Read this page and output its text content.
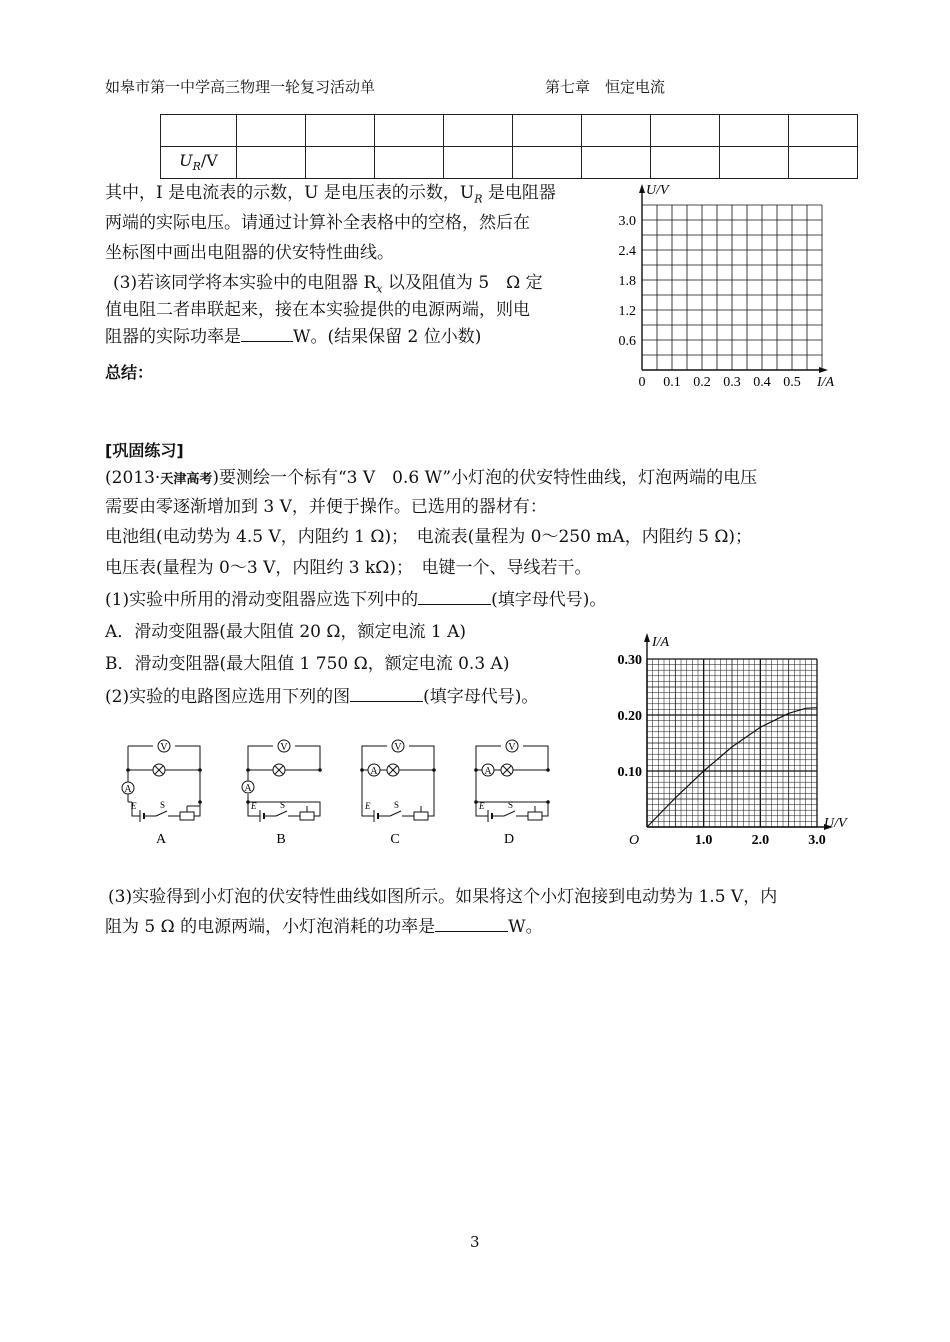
如皋市第一中学高三物理一轮复习活动单	第七章　恒定电流

$U_R/V$									
其中，I 是电流表的示数，U 是电压表的示数，$U_R$ 是电阻器
两端的实际电压。请通过计算补全表格中的空格，然后在
坐标图中画出电阻器的伏安特性曲线。
(3)若该同学将本实验中的电阻器 $R_x$ 以及阻值为 5　Ω 定
值电阻二者串联起来，接在本实验提供的电源两端，则电
阻器的实际功率是	W。(结果保留 2 位小数)
总结：
U/V
I/A
0.6
1.2
1.8
2.4
3.0
0 0.1 0.2 0.3 0.4 0.5
[巩固练习]
(2013·天津高考)要测绘一个标有“3 V　0.6 W”小灯泡的伏安特性曲线，灯泡两端的电压
需要由零逐渐增加到 3 V，并便于操作。已选用的器材有：
电池组(电动势为 4.5 V，内阻约 1 Ω)；　电流表(量程为 0～250 mA，内阻约 5 Ω)；
电压表(量程为 0～3 V，内阻约 3 kΩ)；　电键一个、导线若干。
(1)实验中所用的滑动变阻器应选下列中的	(填字母代号)。
A．滑动变阻器(最大阻值 20 Ω，额定电流 1 A)
B．滑动变阻器(最大阻值 1 750 Ω，额定电流 0.3 A)
(2)实验的电路图应选用下列的图	(填字母代号)。
V
A
E	S
A
V
A
E	S
B
V
A
E	S
C
V
A
E	S
D
I/A
U/V
O
0.10
0.20
0.30
1.0	2.0	3.0
(3)实验得到小灯泡的伏安特性曲线如图所示。如果将这个小灯泡接到电动势为 1.5 V，内
阻为 5 Ω 的电源两端，小灯泡消耗的功率是	W。
3
